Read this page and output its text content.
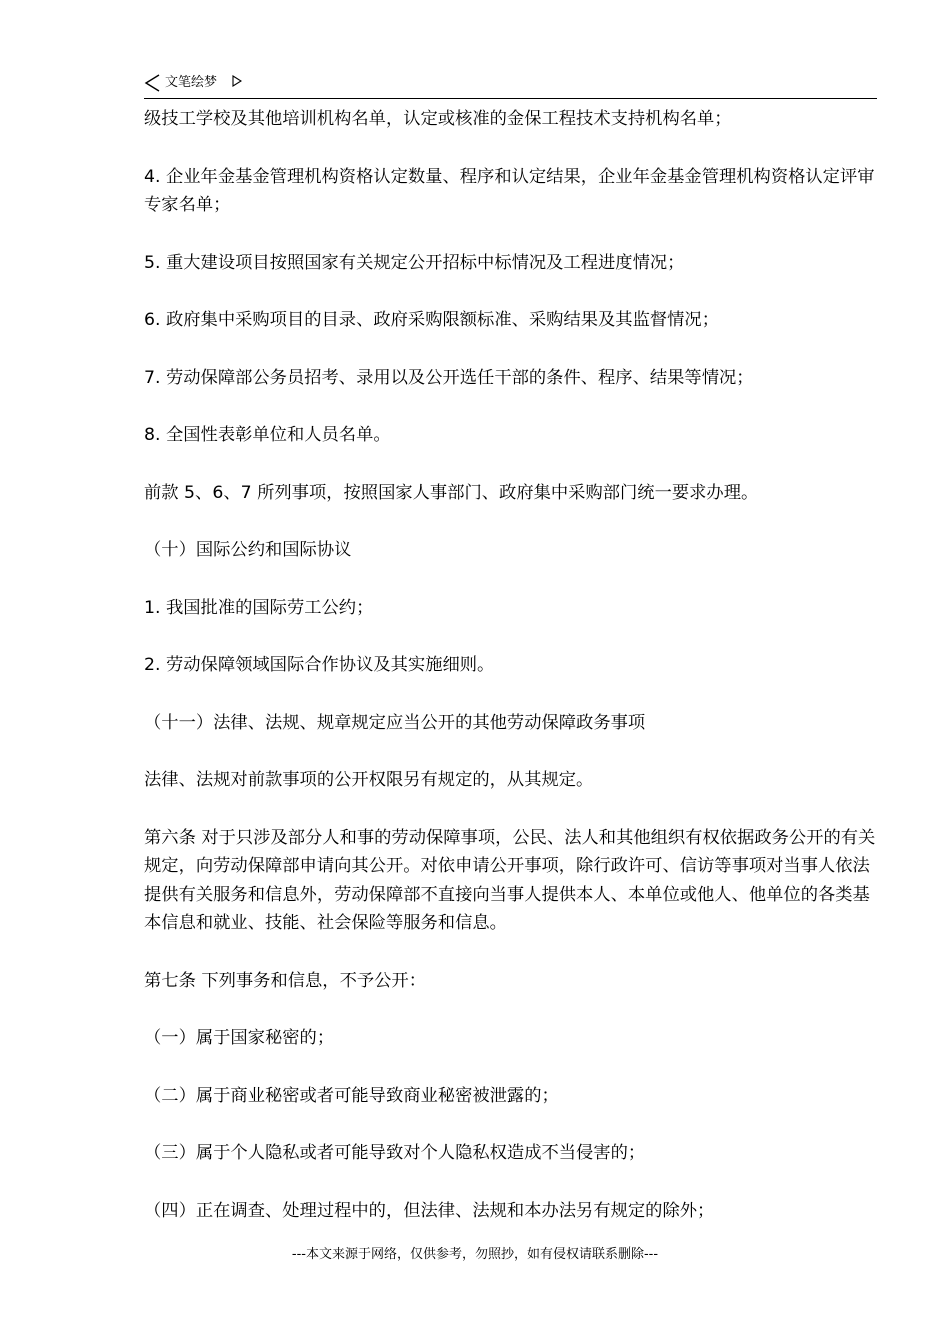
文笔绘梦

级技工学校及其他培训机构名单，认定或核准的金保工程技术支持机构名单；

4. 企业年金基金管理机构资格认定数量、程序和认定结果，企业年金基金管理机构资格认定评审专家名单；

5. 重大建设项目按照国家有关规定公开招标中标情况及工程进度情况；

6. 政府集中采购项目的目录、政府采购限额标准、采购结果及其监督情况；

7. 劳动保障部公务员招考、录用以及公开选任干部的条件、程序、结果等情况；

8. 全国性表彰单位和人员名单。

前款 5、6、7 所列事项，按照国家人事部门、政府集中采购部门统一要求办理。

（十）国际公约和国际协议

1. 我国批准的国际劳工公约；

2. 劳动保障领域国际合作协议及其实施细则。

（十一）法律、法规、规章规定应当公开的其他劳动保障政务事项

法律、法规对前款事项的公开权限另有规定的，从其规定。

第六条 对于只涉及部分人和事的劳动保障事项，公民、法人和其他组织有权依据政务公开的有关规定，向劳动保障部申请向其公开。对依申请公开事项，除行政许可、信访等事项对当事人依法提供有关服务和信息外，劳动保障部不直接向当事人提供本人、本单位或他人、他单位的各类基本信息和就业、技能、社会保险等服务和信息。

第七条 下列事务和信息，不予公开：

（一）属于国家秘密的；

（二）属于商业秘密或者可能导致商业秘密被泄露的；

（三）属于个人隐私或者可能导致对个人隐私权造成不当侵害的；

（四）正在调查、处理过程中的，但法律、法规和本办法另有规定的除外；

---本文来源于网络，仅供参考，勿照抄，如有侵权请联系删除---
